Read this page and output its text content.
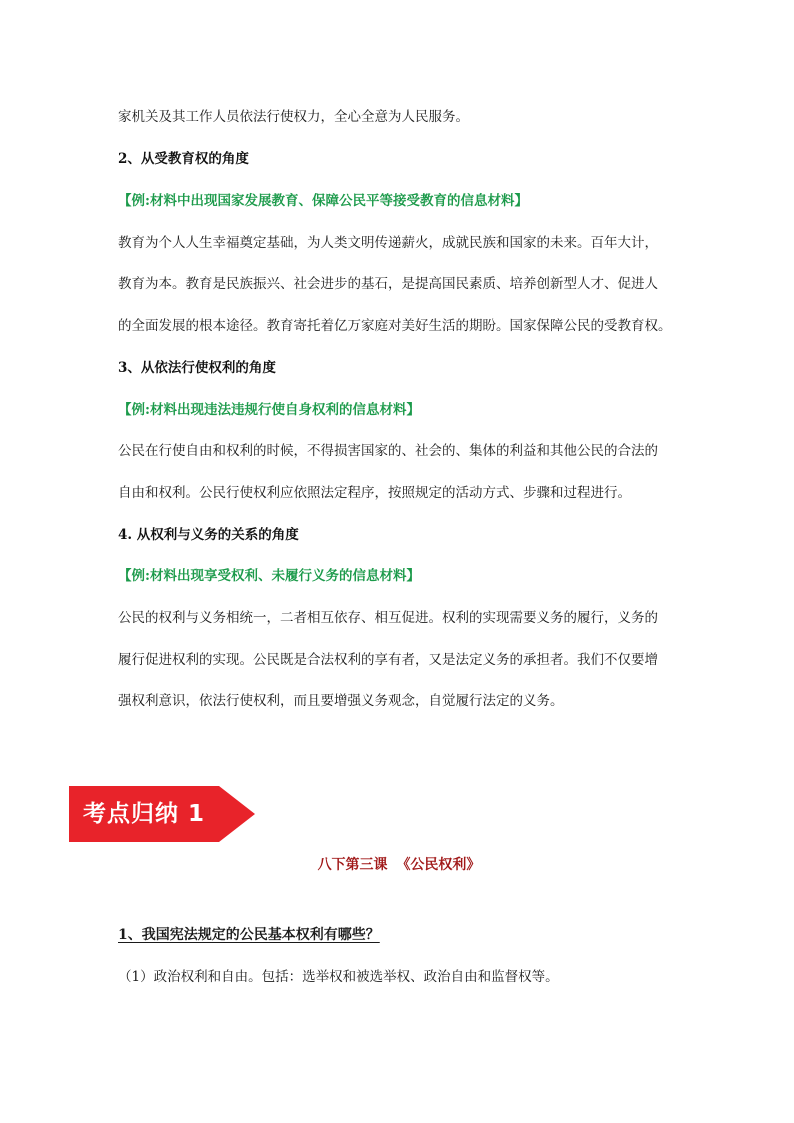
家机关及其工作人员依法行使权力，全心全意为人民服务。
2、从受教育权的角度
【例:材料中出现国家发展教育、保障公民平等接受教育的信息材料】
教育为个人人生幸福奠定基础，为人类文明传递薪火，成就民族和国家的未来。百年大计，
教育为本。教育是民族振兴、社会进步的基石，是提高国民素质、培养创新型人才、促进人
的全面发展的根本途径。教育寄托着亿万家庭对美好生活的期盼。国家保障公民的受教育权。
3、从依法行使权利的角度
【例:材料出现违法违规行使自身权利的信息材料】
公民在行使自由和权利的时候，不得损害国家的、社会的、集体的利益和其他公民的合法的
自由和权利。公民行使权利应依照法定程序，按照规定的活动方式、步骤和过程进行。
4. 从权利与义务的关系的角度
【例:材料出现享受权利、未履行义务的信息材料】
公民的权利与义务相统一，二者相互依存、相互促进。权利的实现需要义务的履行，义务的
履行促进权利的实现。公民既是合法权利的享有者，又是法定义务的承担者。我们不仅要增
强权利意识，依法行使权利，而且要增强义务观念，自觉履行法定的义务。
考点归纳 1
八下第三课 《公民权利》
1、我国宪法规定的公民基本权利有哪些？
（1）政治权利和自由。包括：选举权和被选举权、政治自由和监督权等。
